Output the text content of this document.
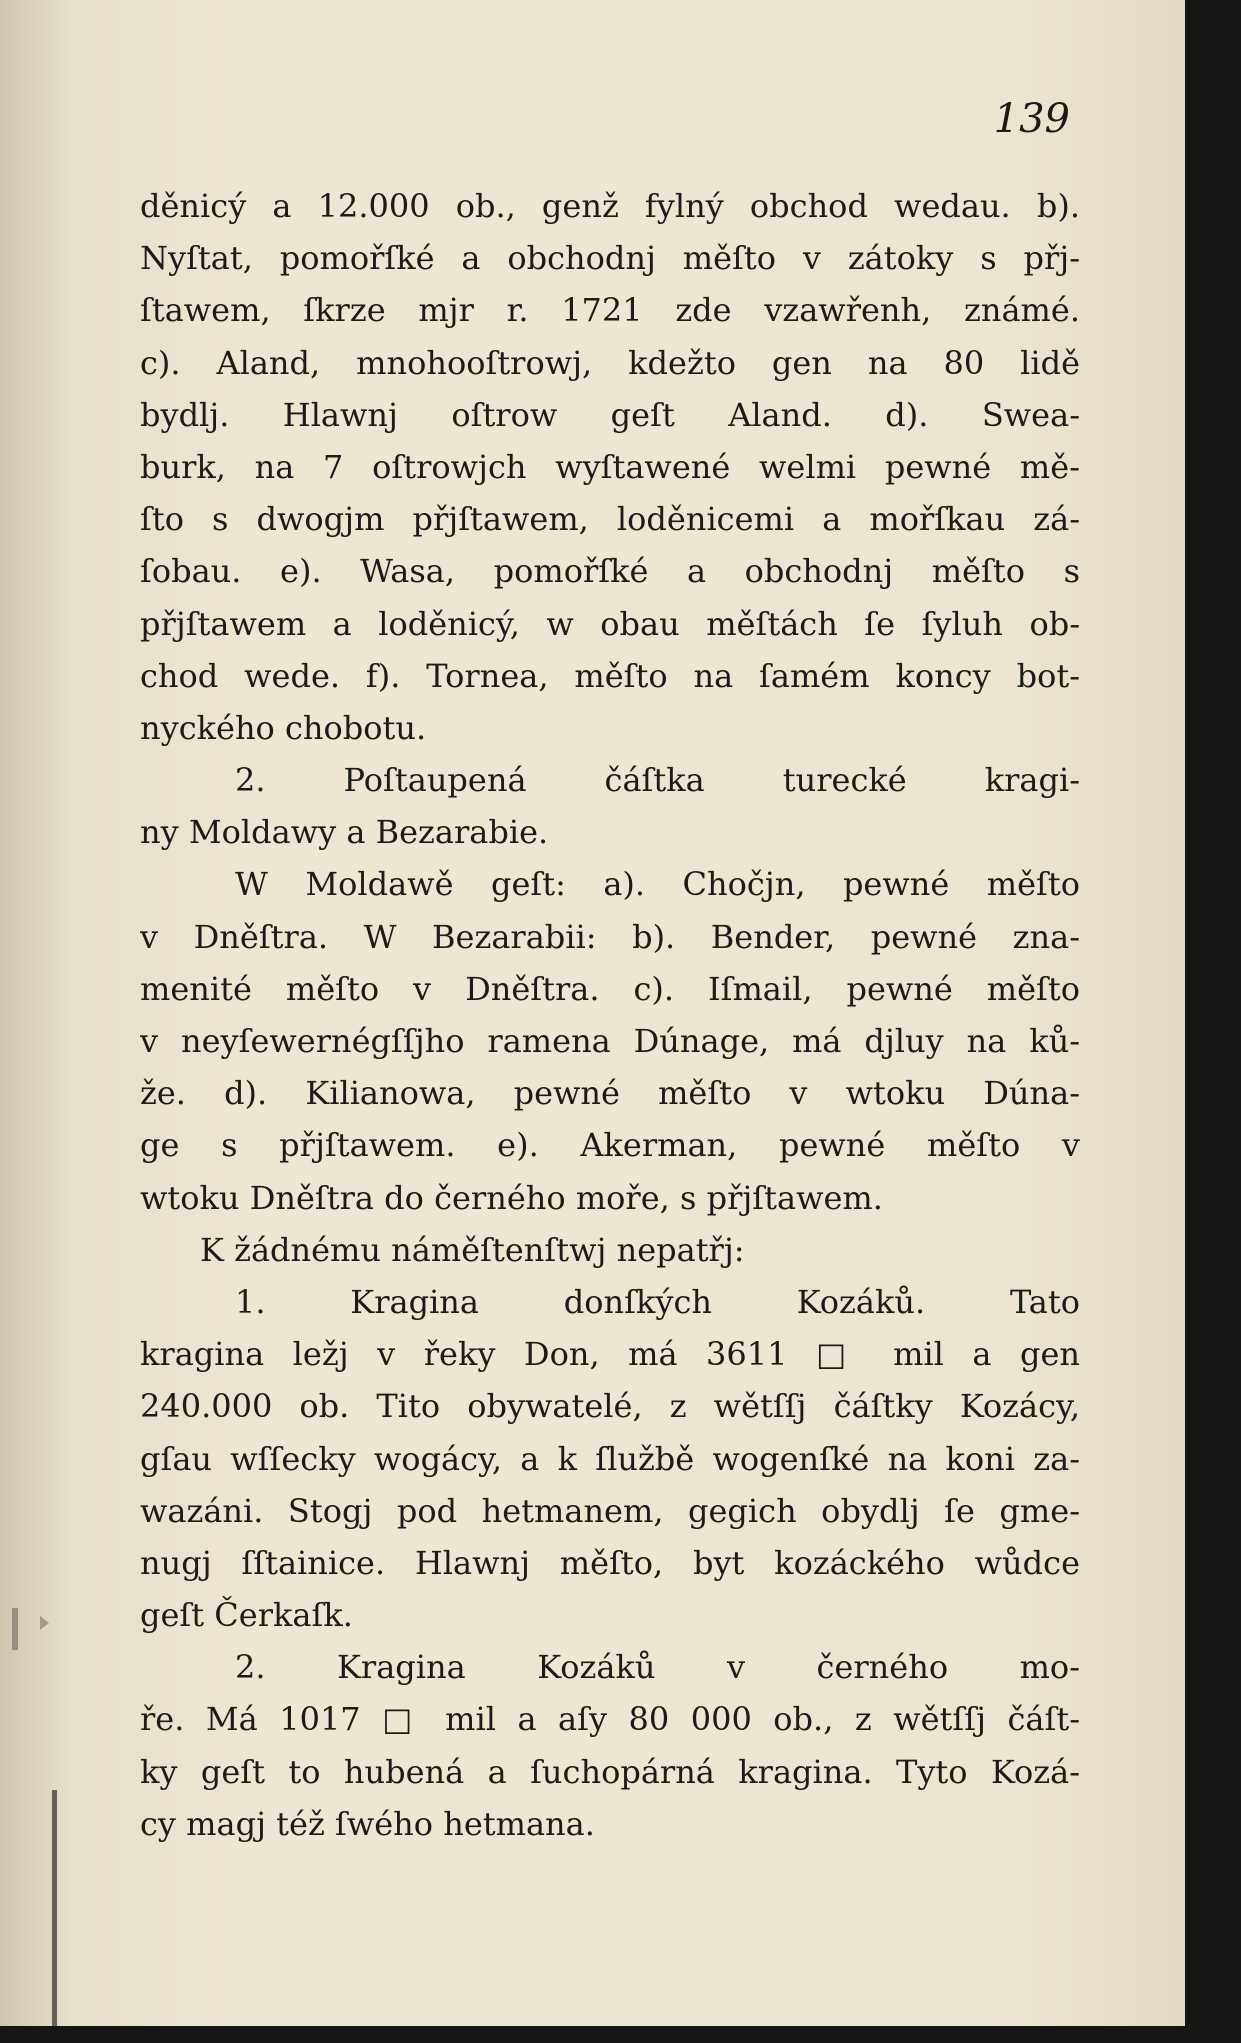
139
děnicý a 12.000 ob., genž fylný obchod wedau. b).
Nyſtat, pomořſké a obchodnj měſto v zátoky s přj-
ſtawem, ſkrze mjr r. 1721 zde vzawřenh, známé.
c). Aland, mnohooſtrowj, kdežto gen na 80 lidě
bydlj. Hlawnj oſtrow geſt Aland. d). Swea-
burk, na 7 oſtrowjch wyſtawené welmi pewné mě-
ſto s dwogjm přjſtawem, loděnicemi a mořſkau zá-
ſobau. e). Wasa, pomořſké a obchodnj měſto s
přjſtawem a loděnicý, w obau měſtách ſe ſyluh ob-
chod wede. f). Tornea, měſto na ſamém koncy bot-
nyckého chobotu.
2. Poſtaupená čáſtka turecké kragi-
ny Moldawy a Bezarabie.
W Moldawě geſt: a). Chočjn, pewné měſto
v Dněſtra. W Bezarabii: b). Bender, pewné zna-
menité měſto v Dněſtra. c). Iſmail, pewné měſto
v neyſewernégſſjho ramena Dúnage, má djluy na ků-
že. d). Kilianowa, pewné měſto v wtoku Dúna-
ge s přjſtawem. e). Akerman, pewné měſto v
wtoku Dněſtra do černého moře, s přjſtawem.
K žádnému náměſtenſtwj nepatřj:
1. Kragina donſkých Kozáků. Tato
kragina ležj v řeky Don, má 3611 □ mil a gen
240.000 ob. Tito obywatelé, z wětſſj čáſtky Kozácy,
gſau wſſecky wogácy, a k ſlužbě wogenſké na koni za-
wazáni. Stogj pod hetmanem, gegich obydlj ſe gme-
nugj ſſtainice. Hlawnj měſto, byt kozáckého wůdce
geſt Čerkaſk.
2. Kragina Kozáků v černého mo-
ře. Má 1017 □ mil a aſy 80 000 ob., z wětſſj čáſt-
ky geſt to hubená a ſuchopárná kragina. Tyto Kozá-
cy magj též ſwého hetmana.
